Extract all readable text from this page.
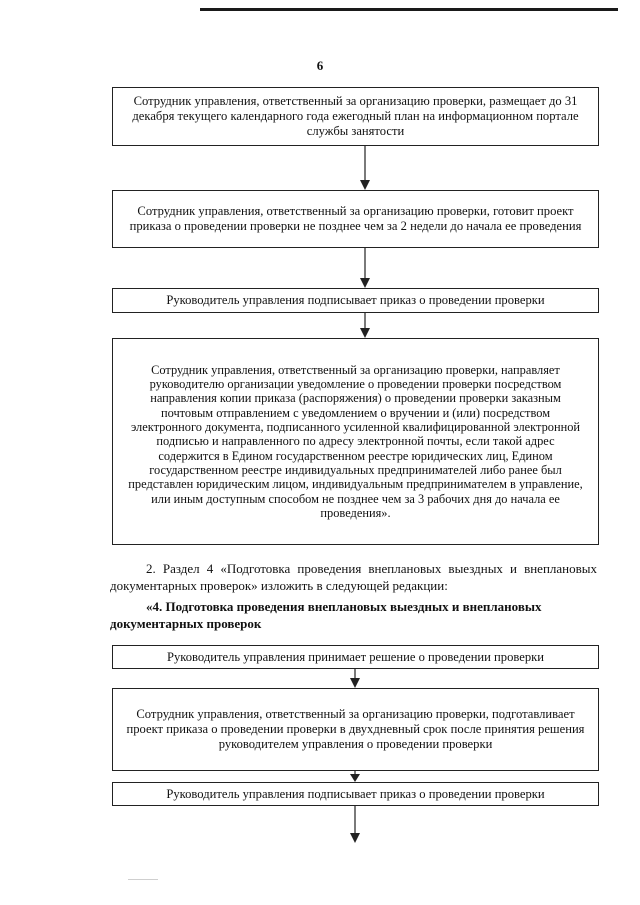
6
Сотрудник управления, ответственный за организацию проверки, размещает до 31 декабря текущего календарного года ежегодный план на информационном портале службы занятости
Сотрудник управления, ответственный за организацию проверки, готовит проект приказа о проведении проверки не позднее чем за 2 недели до начала ее проведения
Руководитель управления подписывает приказ о проведении проверки
Сотрудник управления, ответственный за организацию проверки, направляет руководителю организации уведомление о проведении проверки посредством направления копии приказа (распоряжения) о проведении проверки заказным почтовым отправлением с уведомлением о вручении и (или) посредством электронного документа, подписанного усиленной квалифицированной электронной подписью и направленного по адресу электронной почты, если такой адрес содержится в Едином государственном реестре юридических лиц, Едином государственном реестре индивидуальных предпринимателей либо ранее был представлен юридическим лицом, индивидуальным предпринимателем в управление, или иным доступным способом не позднее чем за 3 рабочих дня до начала ее проведения».
2. Раздел 4 «Подготовка проведения внеплановых выездных и внеплановых документарных проверок» изложить в следующей редакции:
«4. Подготовка проведения внеплановых выездных и внеплановых документарных проверок
Руководитель управления принимает решение о проведении проверки
Сотрудник управления, ответственный за организацию проверки, подготавливает проект приказа о проведении проверки в двухдневный срок после принятия решения руководителем управления о проведении проверки
Руководитель управления подписывает приказ о проведении проверки
